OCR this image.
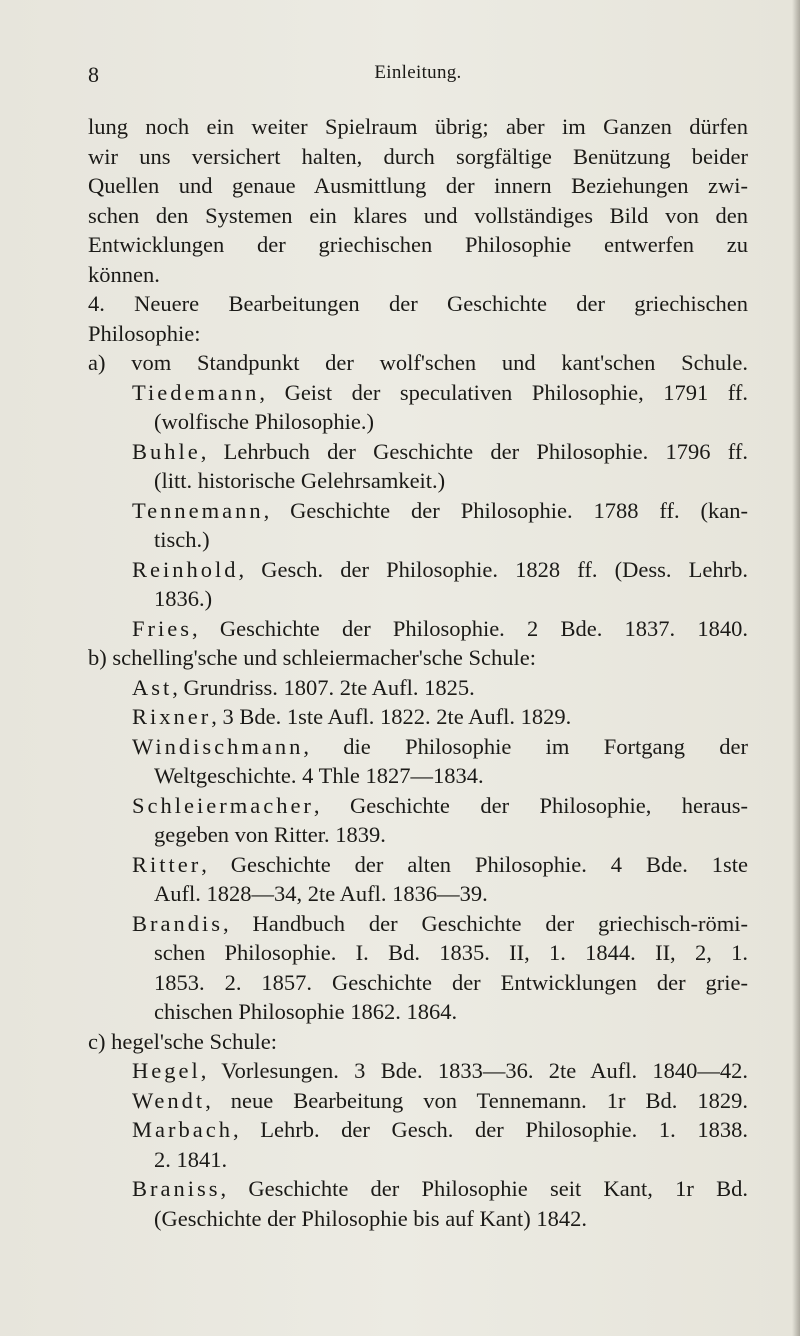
8	Einleitung.
lung noch ein weiter Spielraum übrig; aber im Ganzen dürfen
wir uns versichert halten, durch sorgfältige Benützung beider
Quellen und genaue Ausmittlung der innern Beziehungen zwi-
schen den Systemen ein klares und vollständiges Bild von den
Entwicklungen der griechischen Philosophie entwerfen zu
können.
4. Neuere Bearbeitungen der Geschichte der griechischen
Philosophie:
a) vom Standpunkt der wolf'schen und kant'schen Schule.
Tiedemann, Geist der speculativen Philosophie, 1791 ff.
(wolfische Philosophie.)
Buhle, Lehrbuch der Geschichte der Philosophie. 1796 ff.
(litt. historische Gelehrsamkeit.)
Tennemann, Geschichte der Philosophie. 1788 ff. (kan-
tisch.)
Reinhold, Gesch. der Philosophie. 1828 ff. (Dess. Lehrb.
1836.)
Fries, Geschichte der Philosophie. 2 Bde. 1837. 1840.
b) schelling'sche und schleiermacher'sche Schule:
Ast, Grundriss. 1807. 2te Aufl. 1825.
Rixner, 3 Bde. 1ste Aufl. 1822. 2te Aufl. 1829.
Windischmann, die Philosophie im Fortgang der
Weltgeschichte. 4 Thle 1827—1834.
Schleiermacher, Geschichte der Philosophie, heraus-
gegeben von Ritter. 1839.
Ritter, Geschichte der alten Philosophie. 4 Bde. 1ste
Aufl. 1828—34, 2te Aufl. 1836—39.
Brandis, Handbuch der Geschichte der griechisch-römi-
schen Philosophie. I. Bd. 1835. II, 1. 1844. II, 2, 1.
1853. 2. 1857. Geschichte der Entwicklungen der grie-
chischen Philosophie 1862. 1864.
c) hegel'sche Schule:
Hegel, Vorlesungen. 3 Bde. 1833—36. 2te Aufl. 1840—42.
Wendt, neue Bearbeitung von Tennemann. 1r Bd. 1829.
Marbach, Lehrb. der Gesch. der Philosophie. 1. 1838.
2. 1841.
Braniss, Geschichte der Philosophie seit Kant, 1r Bd.
(Geschichte der Philosophie bis auf Kant) 1842.
